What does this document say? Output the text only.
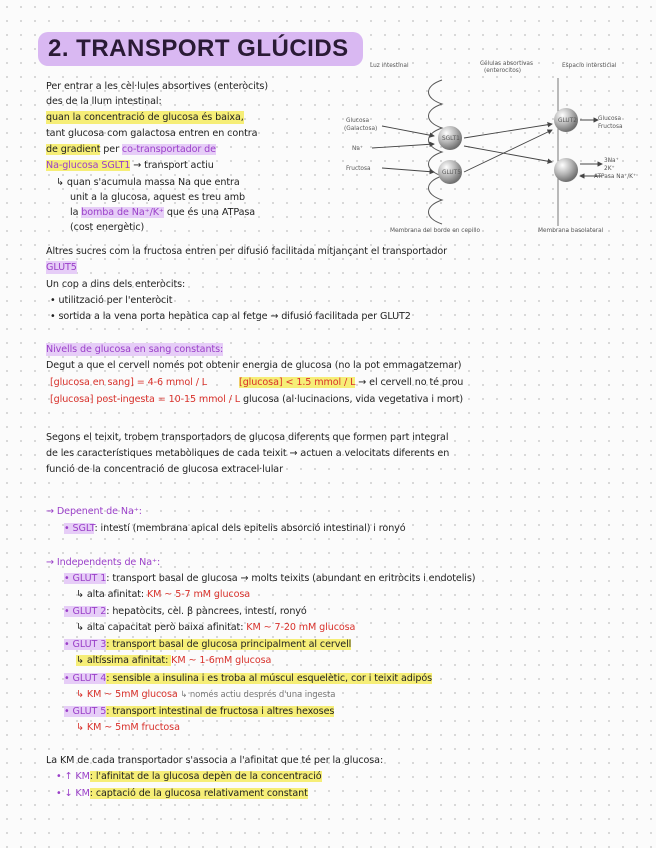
2. TRANSPORT GLÚCIDS
Per entrar a les cèl·lules absortives (enteròcits)
des de la llum intestinal:
quan la concentració de glucosa és baixa,
tant glucosa com galactosa entren en contra
de gradient per co-transportador de
Na-glucosa SGLT1 → transport actiu
↳ quan s'acumula massa Na que entra
unit a la glucosa, aquest es treu amb
la bomba de Na⁺/K⁺ que és una ATPasa
(cost energètic)
Altres sucres com la fructosa entren per difusió facilitada mitjançant el transportador
GLUT5
Un cop a dins dels enteròcits:
• utilització per l'enteròcit
• sortida a la vena porta hepàtica cap al fetge → difusió facilitada per GLUT2
Luz intestinal	Células absortivas
(enterocitos)
Espacio intersticial
Glucosa
(Galactosa)
Na⁺
Fructosa
SGLT1
GLUT5
GLUT2	Glucosa
Fructosa
3Na⁺
2K⁺
ATPasa Na⁺/K⁺
Membrana del borde en cepillo	Membrana basolateral
Nivells de glucosa en sang constants:
Degut a que el cervell només pot obtenir energia de glucosa (no la pot emmagatzemar)
[glucosa en sang] = 4-6 mmol / L	[glucosa] < 1.5 mmol / L → el cervell no té prou
[glucosa] post-ingesta = 10-15 mmol / L glucosa (al·lucinacions, vida vegetativa i mort)
Segons el teixit, trobem transportadors de glucosa diferents que formen part integral
de les característiques metabòliques de cada teixit → actuen a velocitats diferents en
funció de la concentració de glucosa extracel·lular
→ Depenent de Na⁺:
• SGLT: intestí (membrana apical dels epitelis absorció intestinal) i ronyó
→ Independents de Na⁺:
• GLUT 1: transport basal de glucosa → molts teixits (abundant en eritròcits i endotelis)
↳ alta afinitat: KM ~ 5-7 mM glucosa
• GLUT 2: hepatòcits, cèl. β pàncrees, intestí, ronyó
↳ alta capacitat però baixa afinitat: KM ~ 7-20 mM glucosa
• GLUT 3: transport basal de glucosa principalment al cervell
↳ altíssima afinitat: KM ~ 1-6mM glucosa
• GLUT 4: sensible a insulina i es troba al múscul esquelètic, cor i teixit adipós
↳ KM ~ 5mM glucosa ↳ només actiu després d'una ingesta
• GLUT 5: transport intestinal de fructosa i altres hexoses
↳ KM ~ 5mM fructosa
La KM de cada transportador s'associa a l'afinitat que té per la glucosa:
• ↑ KM: l'afinitat de la glucosa depèn de la concentració
• ↓ KM: captació de la glucosa relativament constant
